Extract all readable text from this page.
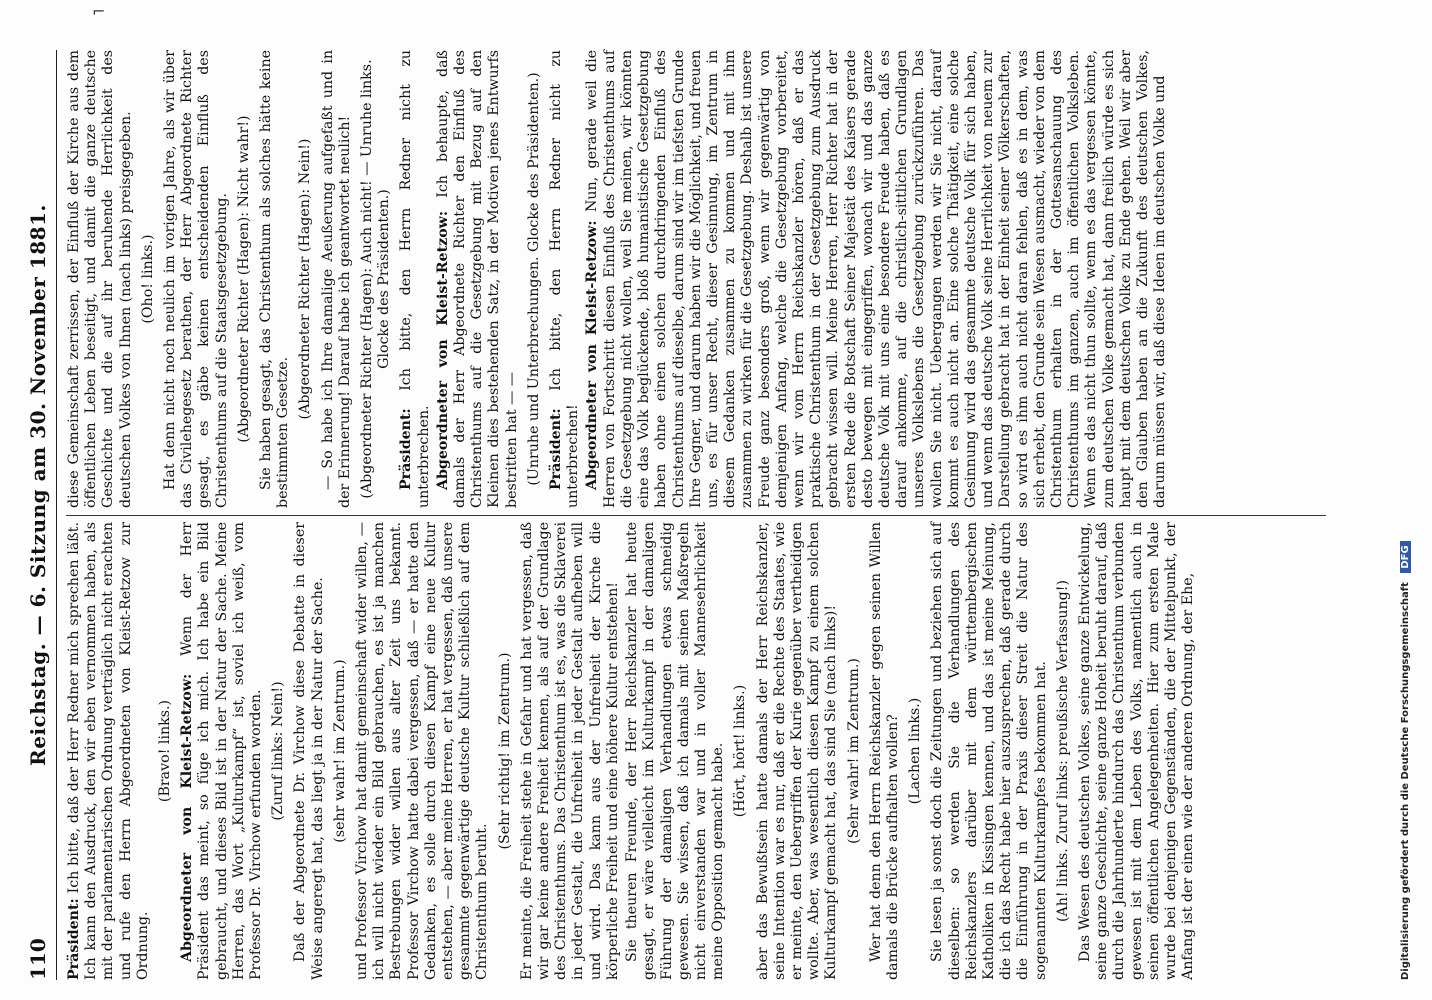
110
Reichstag. — 6. Sitzung am 30. November 1881.

Präsident: Ich bitte, daß der Herr Redner mich sprechen läßt. Ich kann den Ausdruck, den wir eben vernommen haben, als mit der parlamentarischen Ordnung verträglich nicht erachten und rufe den Herrn Abgeordneten von Kleist-Retzow zur Ordnung.

(Bravo! links.) Abgeordneter von Kleist-Retzow: Wenn der Herr Präsident das meint, so füge ich mich. Ich habe ein Bild gebraucht, und dieses Bild ist in der Natur der Sache. Meine Herren, das Wort „Kulturkampf“ ist, soviel ich weiß, vom Professor Dr. Virchow erfunden worden. (Zuruf links: Nein!) Daß der Abgeordnete Dr. Virchow diese Debatte in dieser Weise angeregt hat, das liegt ja in der Natur der Sache. (sehr wahr! im Zentrum.) und Professor Virchow hat damit gemeinschaft wider willen, — ich will nicht wieder ein Bild gebrauchen, es ist ja manchen Bestrebungen wider willen aus alter Zeit uns bekannt. Professor Virchow hatte dabei vergessen, daß — er hatte den Gedanken, es solle durch diesen Kampf eine neue Kultur entstehen, — aber meine Herren, er hat vergessen, daß unsere gesammte gegenwärtige deutsche Kultur schließlich auf dem Christenthum beruht.

(Sehr richtig! im Zentrum.) Er meinte, die Freiheit stehe in Gefahr und hat vergessen, daß wir gar keine andere Freiheit kennen, als auf der Grundlage des Christenthums. Das Christenthum ist es, was die Sklaverei in jeder Gestalt, die Unfreiheit in jeder Gestalt aufheben will und wird. Das kann aus der Unfreiheit der Kirche die körperliche Freiheit und eine höhere Kultur entstehen! Sie theuren Freunde, der Herr Reichskanzler hat heute gesagt, er wäre vielleicht im Kulturkampf in der damaligen Führung der damaligen Verhandlungen etwas schneidig gewesen. Sie wissen, daß ich damals mit seinen Maßregeln nicht einverstanden war und in voller Mannesehrlichkeit meine Opposition gemacht habe. (Hört, hört! links.) aber das Bewußtsein hatte damals der Herr Reichskanzler, seine Intention war es nur, daß er die Rechte des Staates, wie er meinte, den Uebergriffen der Kurie gegenüber vertheidigen wollte. Aber, was wesentlich diesen Kampf zu einem solchen Kulturkampf gemacht hat, das sind Sie (nach links)! (Sehr wahr! im Zentrum.) Wer hat denn den Herrn Reichskanzler gegen seinen Willen damals die Brücke aufhalten wollen? (Lachen links.) Sie lesen ja sonst doch die Zeitungen und beziehen sich auf dieselben: so werden Sie die Verhandlungen des Reichskanzlers darüber mit dem württembergischen Katholiken in Kissingen kennen, und das ist meine Meinung, die ich das Recht habe hier auszusprechen, daß gerade durch die Einführung in der Praxis dieser Streit die Natur des sogenannten Kulturkampfes bekommen hat. (Ah! links. Zuruf links: preußische Verfassung!) Das Wesen des deutschen Volkes, seine ganze Entwickelung, seine ganze Geschichte, seine ganze Hoheit beruht darauf, daß durch die Jahrhunderte hindurch das Christenthum verbunden gewesen ist mit dem Leben des Volks, namentlich auch in seinen öffentlichen Angelegenheiten. Hier zum ersten Male wurde bei denjenigen Gegenständen, die der Mittelpunkt, der Anfang ist der einen wie der anderen Ordnung, der Ehe,

diese Gemeinschaft zerrissen, der Einfluß der Kirche aus dem öffentlichen Leben beseitigt, und damit die ganze deutsche Geschichte und die auf ihr beruhende Herrlichkeit des deutschen Volkes von Ihnen (nach links) preisgegeben. (Oho! links.) Hat denn nicht noch neulich im vorigen Jahre, als wir über das Civilehegesetz berathen, der Herr Abgeordnete Richter gesagt, es gäbe keinen entscheidenden Einfluß des Christenthums auf die Staatsgesetzgebung. (Abgeordneter Richter (Hagen): Nicht wahr!) Sie haben gesagt, das Christenthum als solches hätte keine bestimmten Gesetze.

(Abgeordneter Richter (Hagen): Nein!) — So habe ich Ihre damalige Aeußerung aufgefaßt und in der Erinnerung! Darauf habe ich geantwortet neulich! (Abgeordneter Richter (Hagen): Auch nicht! — Unruhe links. Glocke des Präsidenten.)

Präsident: Ich bitte, den Herrn Redner nicht zu unterbrechen. Abgeordneter von Kleist-Retzow: Ich behaupte, daß damals der Herr Abgeordnete Richter den Einfluß des Christenthums auf die Gesetzgebung mit Bezug auf den Kleinen dies bestehenden Satz, in der Motiven jenes Entwurfs bestritten hat — — (Unruhe und Unterbrechungen. Glocke des Präsidenten.) Präsident: Ich bitte, den Herrn Redner nicht zu unterbrechen! Abgeordneter von Kleist-Retzow: Nun, gerade weil die Herren von Fortschritt diesen Einfluß des Christenthums auf die Gesetzgebung nicht wollen, weil Sie meinen, wir könnten eine das Volk beglückende, bloß humanistische Gesetzgebung haben ohne einen solchen durchdringenden Einfluß des Christenthums auf dieselbe, darum sind wir im tiefsten Grunde Ihre Gegner, und darum haben wir die Möglichkeit, und freuen uns, es für unser Recht, dieser Gesinnung, im Zentrum in diesem Gedanken zusammen zu kommen und mit ihm zusammen zu wirken für die Gesetzgebung. Deshalb ist unsere Freude ganz besonders groß, wenn wir gegenwärtig von demjenigen Anfang, welche die Gesetzgebung vorbereitet, wenn wir vom Herrn Reichskanzler hören, daß er das praktische Christenthum in der Gesetzgebung zum Ausdruck gebracht wissen will. Meine Herren, Herr Richter hat in der ersten Rede die Botschaft Seiner Majestät des Kaisers gerade desto bewegen mit eingegriffen, wonach wir und das ganze deutsche Volk mit uns eine besondere Freude haben, daß es darauf ankomme, auf die christlich-sittlichen Grundlagen unseres Volkslebens die Gesetzgebung zurückzuführen. Das wollen Sie nicht. Uebergangen werden wir Sie nicht, darauf kommt es auch nicht an. Eine solche Thätigkeit, eine solche Gesinnung wird das gesammte deutsche Volk für sich haben, und wenn das deutsche Volk seine Herrlichkeit von neuem zur Darstellung gebracht hat in der Einheit seiner Völkerschaften, so wird es ihm auch nicht daran fehlen, daß es in dem, was sich erhebt, den Grunde sein Wesen ausmacht, wieder von dem Christenthum erhalten in der Gottesanschauung des Christenthums im ganzen, auch im öffentlichen Volksleben. Wenn es das nicht thun sollte, wenn es das vergessen könnte, zum deutschen Volke gemacht hat, dann freilich würde es sich haupt mit dem deutschen Volke zu Ende gehen. Weil wir aber den Glauben haben an die Zukunft des deutschen Volkes, darum müssen wir, daß diese Ideen im deutschen Volke und

Digitalisierung gefördert durch die Deutsche Forschungsgemeinschaft DFG
⌐
